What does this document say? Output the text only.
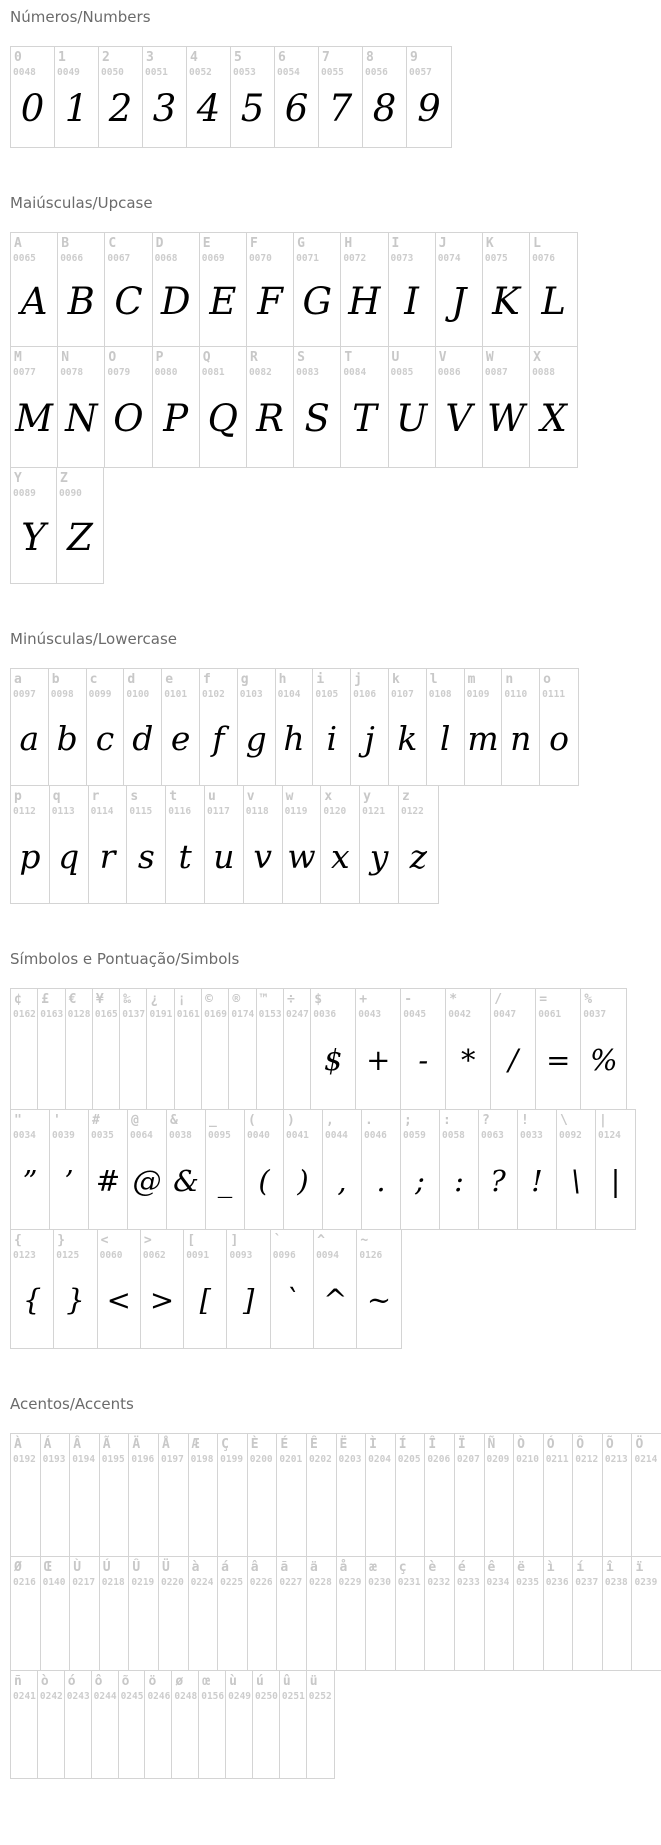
Números/Numbers
0
0048
0
1
0049
1
2
0050
2
3
0051
3
4
0052
4
5
0053
5
6
0054
6
7
0055
7
8
0056
8
9
0057
9
Maiúsculas/Upcase
A
0065
A
B
0066
B
C
0067
C
D
0068
D
E
0069
E
F
0070
F
G
0071
G
H
0072
H
I
0073
I
J
0074
J
K
0075
K
L
0076
L
M
0077
M
N
0078
N
O
0079
O
P
0080
P
Q
0081
Q
R
0082
R
S
0083
S
T
0084
T
U
0085
U
V
0086
V
W
0087
W
X
0088
X
Y
0089
Y
Z
0090
Z
Minúsculas/Lowercase
a
0097
a
b
0098
b
c
0099
c
d
0100
d
e
0101
e
f
0102
f
g
0103
g
h
0104
h
i
0105
i
j
0106
j
k
0107
k
l
0108
l
m
0109
m
n
0110
n
o
0111
o
p
0112
p
q
0113
q
r
0114
r
s
0115
s
t
0116
t
u
0117
u
v
0118
v
w
0119
w
x
0120
x
y
0121
y
z
0122
z
Símbolos e Pontuação/Simbols
¢
0162
£
0163
€
0128
¥
0165
‰
0137
¿
0191
¡
0161
©
0169
®
0174
™
0153
÷
0247
$
0036
$
+
0043
+
-
0045
-
*
0042
*
/
0047
/
=
0061
=
%
0037
%
"
0034
”
'
0039
’
#
0035
#
@
0064
@
&
0038
&
_
0095
_
(
0040
(
)
0041
)
,
0044
,
.
0046
.
;
0059
;
:
0058
:
?
0063
?
!
0033
!
\
0092
\
|
0124
|
{
0123
{
}
0125
}
<
0060
<
>
0062
>
[
0091
[
]
0093
]
`
0096
`
^
0094
^
~
0126
~
Acentos/Accents
À
0192
Á
0193
Â
0194
Ã
0195
Ä
0196
Å
0197
Æ
0198
Ç
0199
È
0200
É
0201
Ê
0202
Ë
0203
Ì
0204
Í
0205
Î
0206
Ï
0207
Ñ
0209
Ò
0210
Ó
0211
Ô
0212
Õ
0213
Ö
0214
Ø
0216
Œ
0140
Ù
0217
Ú
0218
Û
0219
Ü
0220
à
0224
á
0225
â
0226
ã
0227
ä
0228
å
0229
æ
0230
ç
0231
è
0232
é
0233
ê
0234
ë
0235
ì
0236
í
0237
î
0238
ï
0239
ñ
0241
ò
0242
ó
0243
ô
0244
õ
0245
ö
0246
ø
0248
œ
0156
ù
0249
ú
0250
û
0251
ü
0252
